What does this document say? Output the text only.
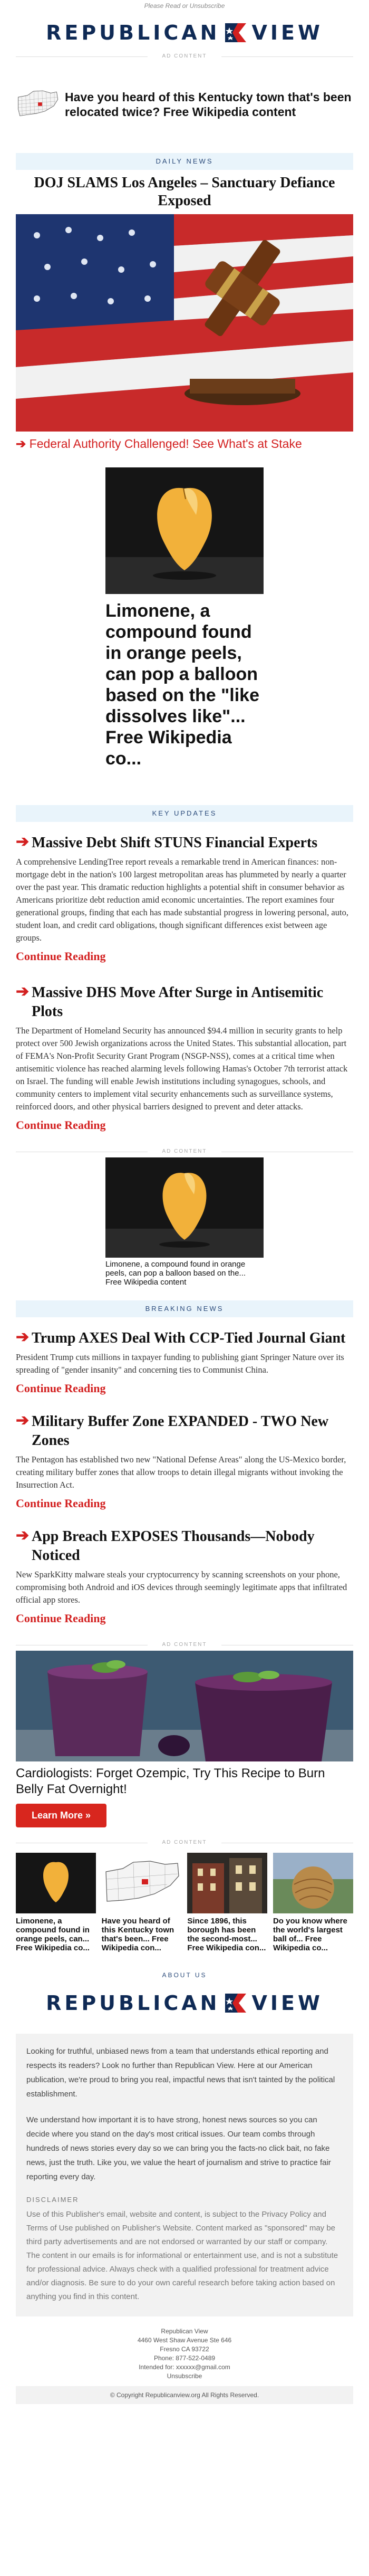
Please Read or Unsubscribe
REPUBLICAN VIEW
AD CONTENT
Have you heard of this Kentucky town that's been relocated twice? Free Wikipedia content
DAILY NEWS
DOJ SLAMS Los Angeles – Sanctuary Defiance Exposed
➔ Federal Authority Challenged! See What's at Stake
Limonene, a compound found in orange peels, can pop a balloon based on the "like dissolves like"... Free Wikipedia co...
KEY UPDATES
➔ Massive Debt Shift STUNS Financial Experts
A comprehensive LendingTree report reveals a remarkable trend in American finances: non-mortgage debt in the nation's 100 largest metropolitan areas has plummeted by nearly a quarter over the past year. This dramatic reduction highlights a potential shift in consumer behavior as Americans prioritize debt reduction amid economic uncertainties. The report examines four generational groups, finding that each has made substantial progress in lowering personal, auto, student loan, and credit card obligations, though significant differences exist between age groups.
Continue Reading
➔ Massive DHS Move After Surge in Antisemitic Plots
The Department of Homeland Security has announced $94.4 million in security grants to help protect over 500 Jewish organizations across the United States. This substantial allocation, part of FEMA's Non-Profit Security Grant Program (NSGP-NSS), comes at a critical time when antisemitic violence has reached alarming levels following Hamas's October 7th terrorist attack on Israel. The funding will enable Jewish institutions including synagogues, schools, and community centers to implement vital security enhancements such as surveillance systems, reinforced doors, and other physical barriers designed to prevent and deter attacks.
Continue Reading
AD CONTENT
Limonene, a compound found in orange peels, can pop a balloon based on the... Free Wikipedia content
BREAKING NEWS
➔ Trump AXES Deal With CCP-Tied Journal Giant
President Trump cuts millions in taxpayer funding to publishing giant Springer Nature over its spreading of "gender insanity" and concerning ties to Communist China.
Continue Reading
➔ Military Buffer Zone EXPANDED - TWO New Zones
The Pentagon has established two new "National Defense Areas" along the US-Mexico border, creating military buffer zones that allow troops to detain illegal migrants without invoking the Insurrection Act.
Continue Reading
➔ App Breach EXPOSES Thousands—Nobody Noticed
New SparkKitty malware steals your cryptocurrency by scanning screenshots on your phone, compromising both Android and iOS devices through seemingly legitimate apps that infiltrated official app stores.
Continue Reading
AD CONTENT
Cardiologists: Forget Ozempic, Try This Recipe to Burn Belly Fat Overnight!
Learn More »
AD CONTENT
Limonene, a compound found in orange peels, can... Free Wikipedia co...
Have you heard of this Kentucky town that's been... Free Wikipedia con...
Since 1896, this borough has been the second-most... Free Wikipedia con...
Do you know where the world's largest ball of... Free Wikipedia co...
ABOUT US
REPUBLICAN VIEW

Looking for truthful, unbiased news from a team that understands ethical reporting and respects its readers? Look no further than Republican View. Here at our American publication, we're proud to bring you real, impactful news that isn't tainted by the political establishment.

We understand how important it is to have strong, honest news sources so you can decide where you stand on the day's most critical issues. Our team combs through hundreds of news stories every day so we can bring you the facts-no click bait, no fake news, just the truth. Like you, we value the heart of journalism and strive to practice fair reporting every day.

DISCLAIMER
Use of this Publisher's email, website and content, is subject to the Privacy Policy and Terms of Use published on Publisher's Website. Content marked as "sponsored" may be third party advertisements and are not endorsed or warranted by our staff or company. The content in our emails is for informational or entertainment use, and is not a substitute for professional advice. Always check with a qualified professional for treatment advice and/or diagnosis. Be sure to do your own careful research before taking action based on anything you find in this content.
Republican View
4460 West Shaw Avenue Ste 646
Fresno CA 93722
Phone: 877-522-0489
Intended for: xxxxxx@gmail.com
Unsubscribe
© Copyright Republicanview.org All Rights Reserved.
